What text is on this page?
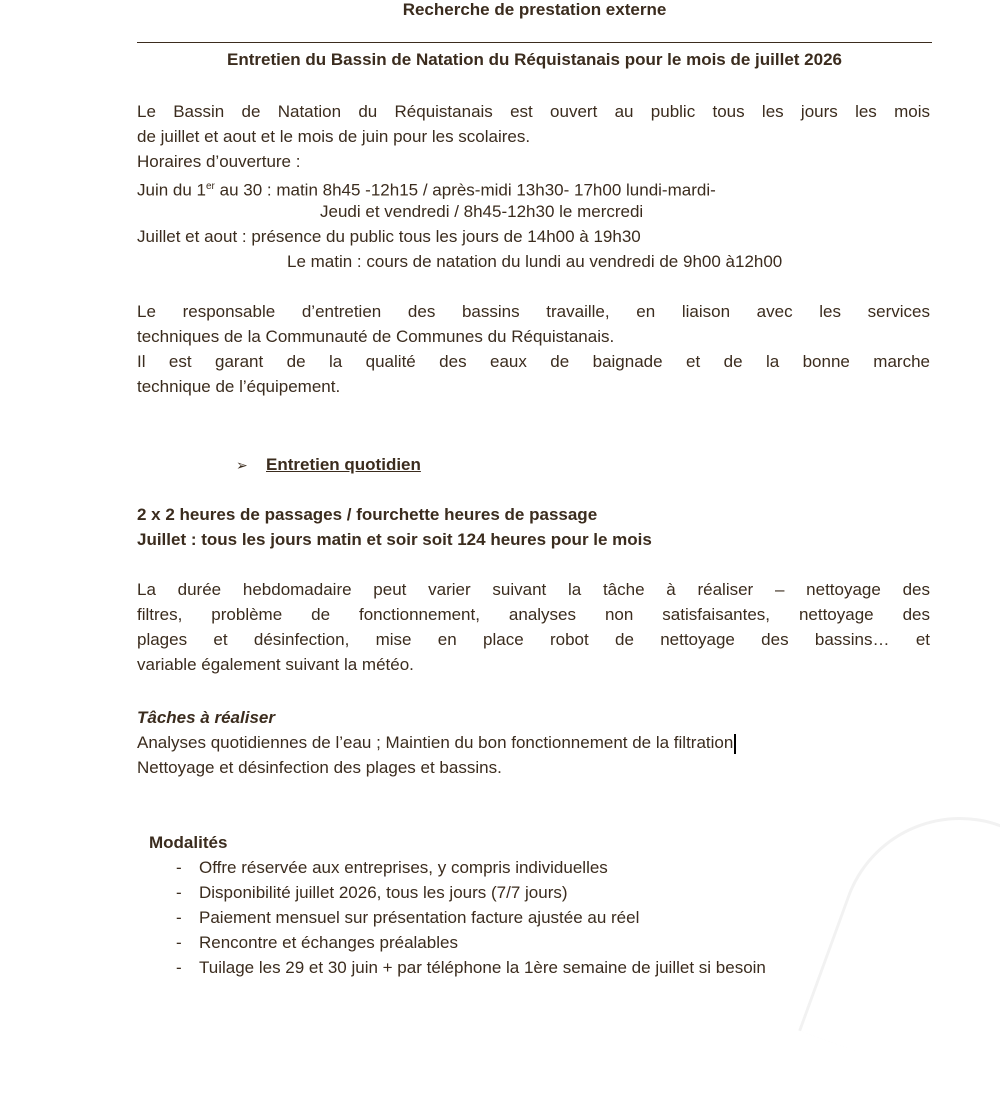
Recherche de prestation externe
Entretien du Bassin de Natation du Réquistanais pour le mois de juillet 2026
Le Bassin de Natation du Réquistanais est ouvert au public tous les jours les mois
de juillet et aout et le mois de juin pour les scolaires.
Horaires d’ouverture :
Juin du 1er au 30 : matin 8h45 -12h15 / après-midi 13h30- 17h00 lundi-mardi-
Jeudi et vendredi / 8h45-12h30 le mercredi
Juillet et aout : présence du public tous les jours de 14h00 à 19h30
Le matin : cours de natation du lundi au vendredi de 9h00 à12h00
Le responsable d’entretien des bassins travaille, en liaison avec les services
techniques de la Communauté de Communes du Réquistanais.
Il est garant de la qualité des eaux de baignade et de la bonne marche
technique de l’équipement.
➢ Entretien quotidien
2 x 2 heures de passages / fourchette heures de passage
Juillet : tous les jours matin et soir soit 124 heures pour le mois
La durée hebdomadaire peut varier suivant la tâche à réaliser – nettoyage des
filtres, problème de fonctionnement, analyses non satisfaisantes, nettoyage des
plages et désinfection, mise en place robot de nettoyage des bassins… et
variable également suivant la météo.
Tâches à réaliser
Analyses quotidiennes de l’eau ; Maintien du bon fonctionnement de la filtration
Nettoyage et désinfection des plages et bassins.
Modalités
- Offre réservée aux entreprises, y compris individuelles
- Disponibilité juillet 2026, tous les jours (7/7 jours)
- Paiement mensuel sur présentation facture ajustée au réel
- Rencontre et échanges préalables
- Tuilage les 29 et 30 juin + par téléphone la 1ère semaine de juillet si besoin
